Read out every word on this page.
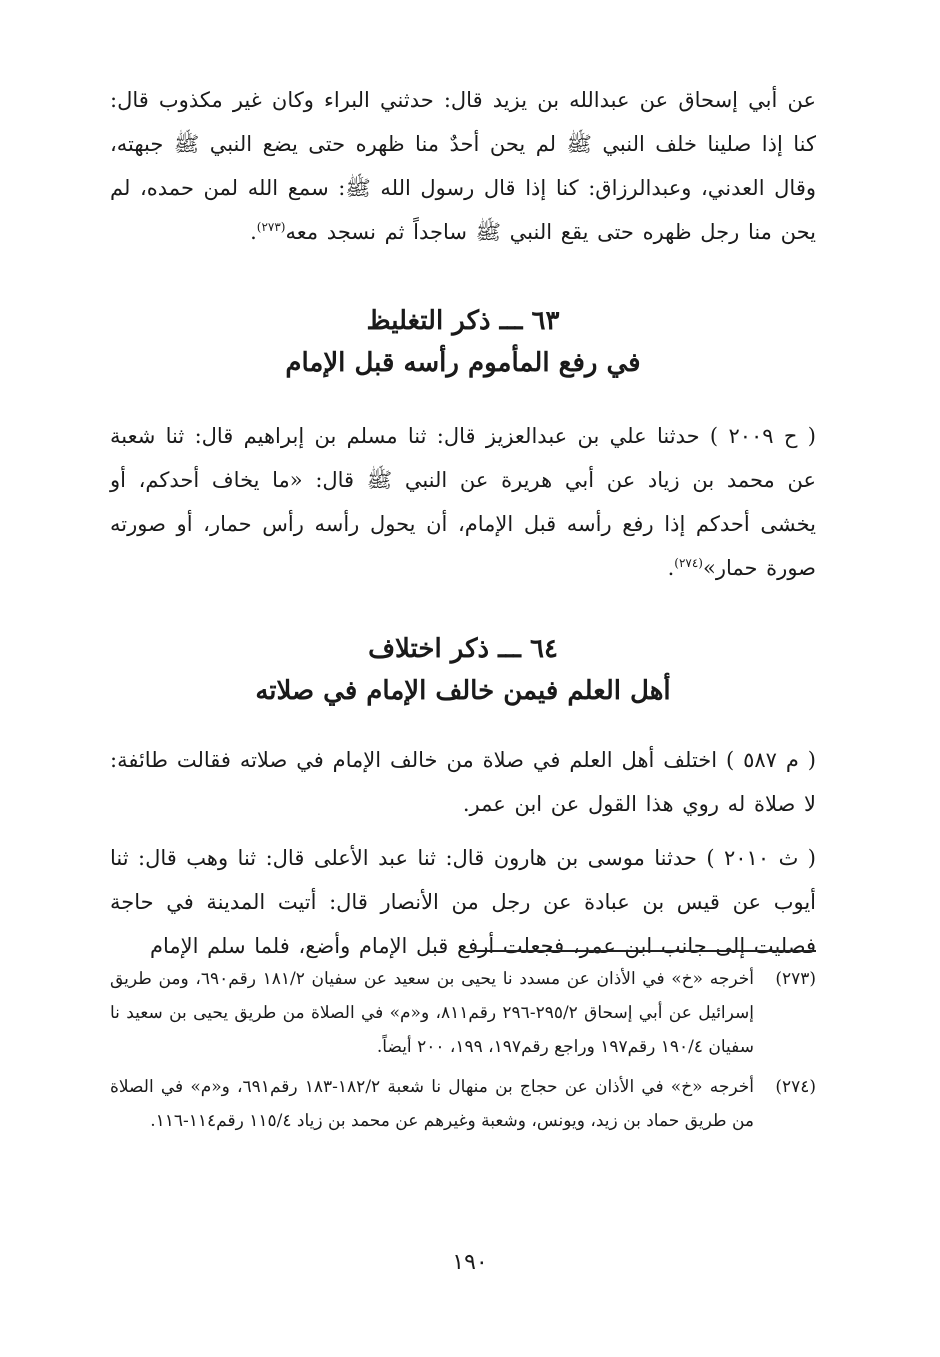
عن أبي إسحاق عن عبدالله بن يزيد قال: حدثني البراء وكان غير مكذوب قال: كنا إذا صلينا خلف النبي ﷺ لم يحن أحدٌ منا ظهره حتى يضع النبي ﷺ جبهته، وقال العدني، وعبدالرزاق: كنا إذا قال رسول الله ﷺ: سمع الله لمن حمده، لم يحن منا رجل ظهره حتى يقع النبي ﷺ ساجداً ثم نسجد معه$^{(٢٧٣)}$.

٦٣ ـــ ذكر التغليظ

في رفع المأموم رأسه قبل الإمام

( ح ٢٠٠٩ ) حدثنا علي بن عبدالعزيز قال: ثنا مسلم بن إبراهيم قال: ثنا شعبة عن محمد بن زياد عن أبي هريرة عن النبي ﷺ قال: «ما يخاف أحدكم، أو يخشى أحدكم إذا رفع رأسه قبل الإمام، أن يحول رأسه رأس حمار، أو صورته صورة حمار»$^{(٢٧٤)}$.

٦٤ ـــ ذكر اختلاف

أهل العلم فيمن خالف الإمام في صلاته

( م ٥٨٧ ) اختلف أهل العلم في صلاة من خالف الإمام في صلاته فقالت طائفة: لا صلاة له روي هذا القول عن ابن عمر.

( ث ٢٠١٠ ) حدثنا موسى بن هارون قال: ثنا عبد الأعلى قال: ثنا وهب قال: ثنا أيوب عن قيس بن عبادة عن رجل من الأنصار قال: أتيت المدينة في حاجة فصليت إلى جانب ابن عمر، فجعلت أرفع قبل الإمام وأضع، فلما سلم الإمام

(٢٧٣)
أخرجه «خ» في الأذان عن مسدد نا يحيى بن سعيد عن سفيان ١٨١/٢ رقم٦٩٠، ومن طريق إسرائيل عن أبي إسحاق ٢٩٥/٢-٢٩٦ رقم٨١١، و«م» في الصلاة من طريق يحيى بن سعيد نا سفيان ١٩٠/٤ رقم١٩٧ وراجع رقم١٩٧، ١٩٩، ٢٠٠ أيضاً.

(٢٧٤)
أخرجه «خ» في الأذان عن حجاج بن منهال نا شعبة ١٨٢/٢-١٨٣ رقم٦٩١، و«م» في الصلاة من طريق حماد بن زيد، ويونس، وشعبة وغيرهم عن محمد بن زياد ١١٥/٤ رقم١١٤-١١٦.

١٩٠
